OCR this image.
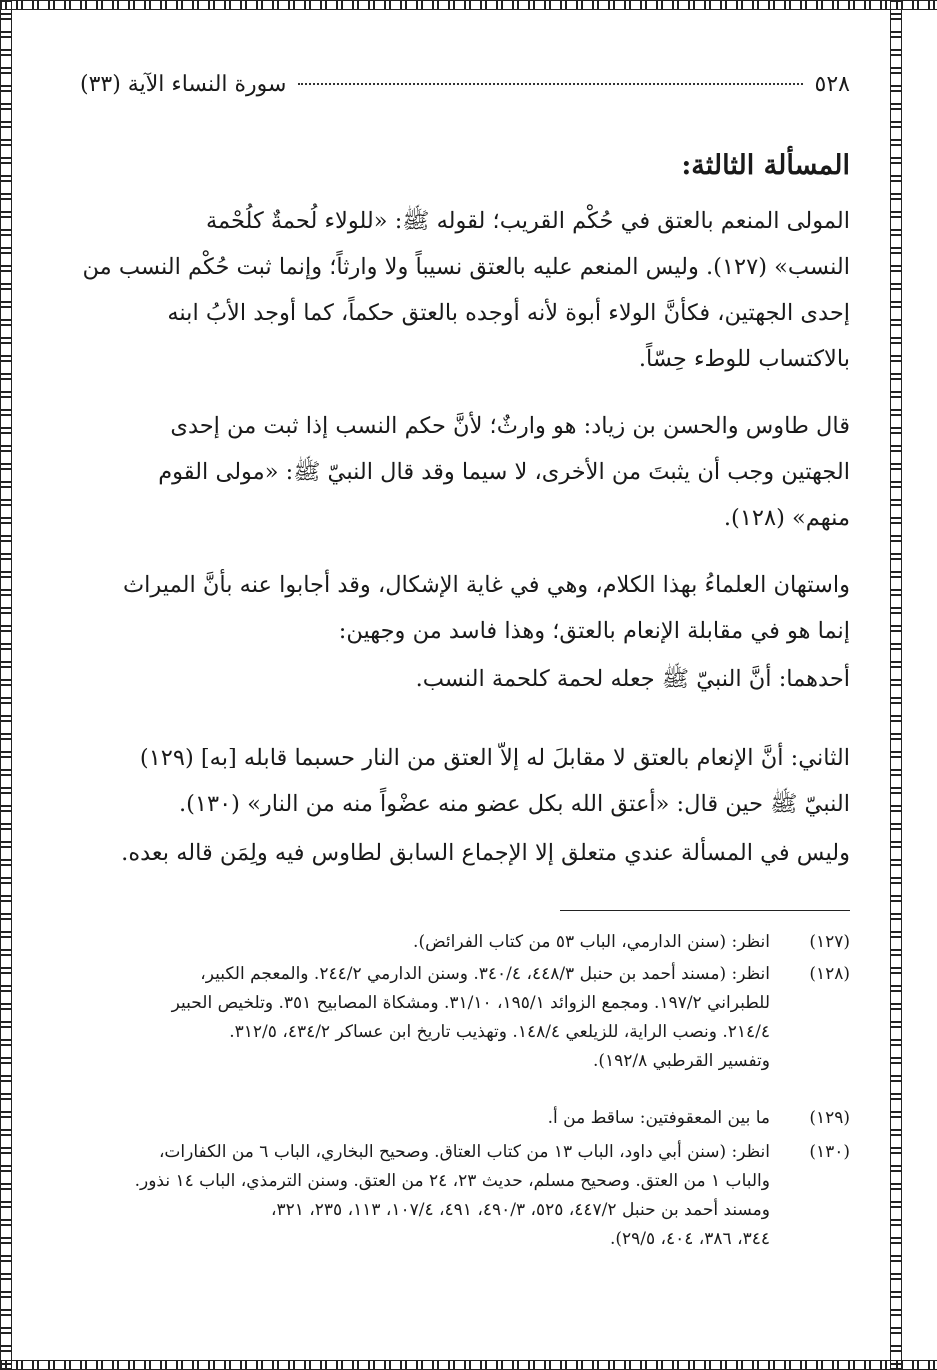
٥٢٨
سورة النساء الآية (٣٣)
المسألة الثالثة:
المولى المنعم بالعتق في حُكْم القريب؛ لقوله ﷺ: «للولاء لُحمةٌ كلُحْمة
النسب» (١٢٧). وليس المنعم عليه بالعتق نسيباً ولا وارثاً؛ وإنما ثبت حُكْم النسب من
إحدى الجهتين، فكأنَّ الولاء أبوة لأنه أوجده بالعتق حكماً، كما أوجد الأبُ ابنه
بالاكتساب للوطء حِسّاً.
قال طاوس والحسن بن زياد: هو وارثٌ؛ لأنَّ حكم النسب إذا ثبت من إحدى
الجهتين وجب أن يثبتَ من الأخرى، لا سيما وقد قال النبيّ ﷺ: «مولى القوم
منهم» (١٢٨).
واستهان العلماءُ بهذا الكلام، وهي في غاية الإشكال، وقد أجابوا عنه بأنَّ الميراث
إنما هو في مقابلة الإنعام بالعتق؛ وهذا فاسد من وجهين:
أحدهما: أنَّ النبيّ ﷺ جعله لحمة كلحمة النسب.
الثاني: أنَّ الإنعام بالعتق لا مقابلَ له إلاّ العتق من النار حسبما قابله [به] (١٢٩)
النبيّ ﷺ حين قال: «أعتق الله بكل عضو منه عضْواً منه من النار» (١٣٠).
وليس في المسألة عندي متعلق إلا الإجماع السابق لطاوس فيه ولِمَن قاله بعده.
(١٢٧)
انظر: (سنن الدارمي، الباب ٥٣ من كتاب الفرائض).
(١٢٨)
انظر: (مسند أحمد بن حنبل ٤٤٨/٣، ٣٤٠/٤. وسنن الدارمي ٢٤٤/٢. والمعجم الكبير،
للطبراني ١٩٧/٢. ومجمع الزوائد ١٩٥/١، ٣١/١٠. ومشكاة المصابيح ٣٥١. وتلخيص الحبير
٢١٤/٤. ونصب الراية، للزيلعي ١٤٨/٤. وتهذيب تاريخ ابن عساكر ٤٣٤/٢، ٣١٢/٥.
وتفسير القرطبي ١٩٢/٨).
(١٢٩)
ما بين المعقوفتين: ساقط من أ.
(١٣٠)
انظر: (سنن أبي داود، الباب ١٣ من كتاب العتاق. وصحيح البخاري، الباب ٦ من الكفارات،
والباب ١ من العتق. وصحيح مسلم، حديث ٢٣، ٢٤ من العتق. وسنن الترمذي، الباب ١٤ نذور.
ومسند أحمد بن حنبل ٤٤٧/٢، ٥٢٥، ٤٩٠/٣، ٤٩١، ١٠٧/٤، ١١٣، ٢٣٥، ٣٢١،
٣٤٤، ٣٨٦، ٤٠٤، ٢٩/٥).
